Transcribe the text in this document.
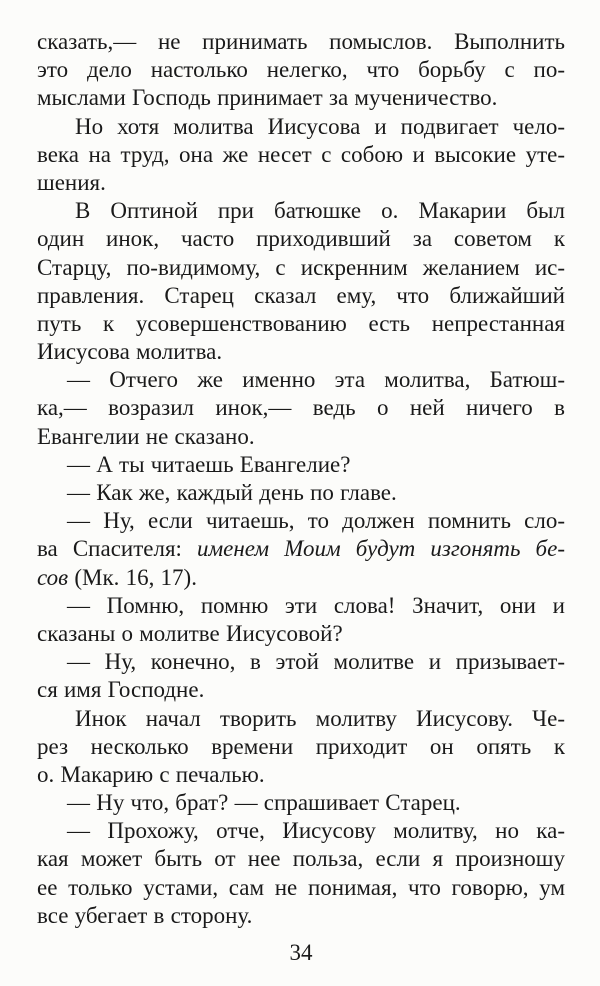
сказать,— не принимать помыслов. Выполнить
это дело настолько нелегко, что борьбу с по-
мыслами Господь принимает за мученичество.
Но хотя молитва Иисусова и подвигает чело-
века на труд, она же несет с собою и высокие уте-
шения.
В Оптиной при батюшке о. Макарии был
один инок, часто приходивший за советом к
Старцу, по-видимому, с искренним желанием ис-
правления. Старец сказал ему, что ближайший
путь к усовершенствованию есть непрестанная
Иисусова молитва.
— Отчего же именно эта молитва, Батюш-
ка,— возразил инок,— ведь о ней ничего в
Евангелии не сказано.
— А ты читаешь Евангелие?
— Как же, каждый день по главе.
— Ну, если читаешь, то должен помнить сло-
ва Спасителя: именем Моим будут изгонять бе-
сов (Мк. 16, 17).
— Помню, помню эти слова! Значит, они и
сказаны о молитве Иисусовой?
— Ну, конечно, в этой молитве и призывает-
ся имя Господне.
Инок начал творить молитву Иисусову. Че-
рез несколько времени приходит он опять к
о. Макарию с печалью.
— Ну что, брат? — спрашивает Старец.
— Прохожу, отче, Иисусову молитву, но ка-
кая может быть от нее польза, если я произношу
ее только устами, сам не понимая, что говорю, ум
все убегает в сторону.
34
